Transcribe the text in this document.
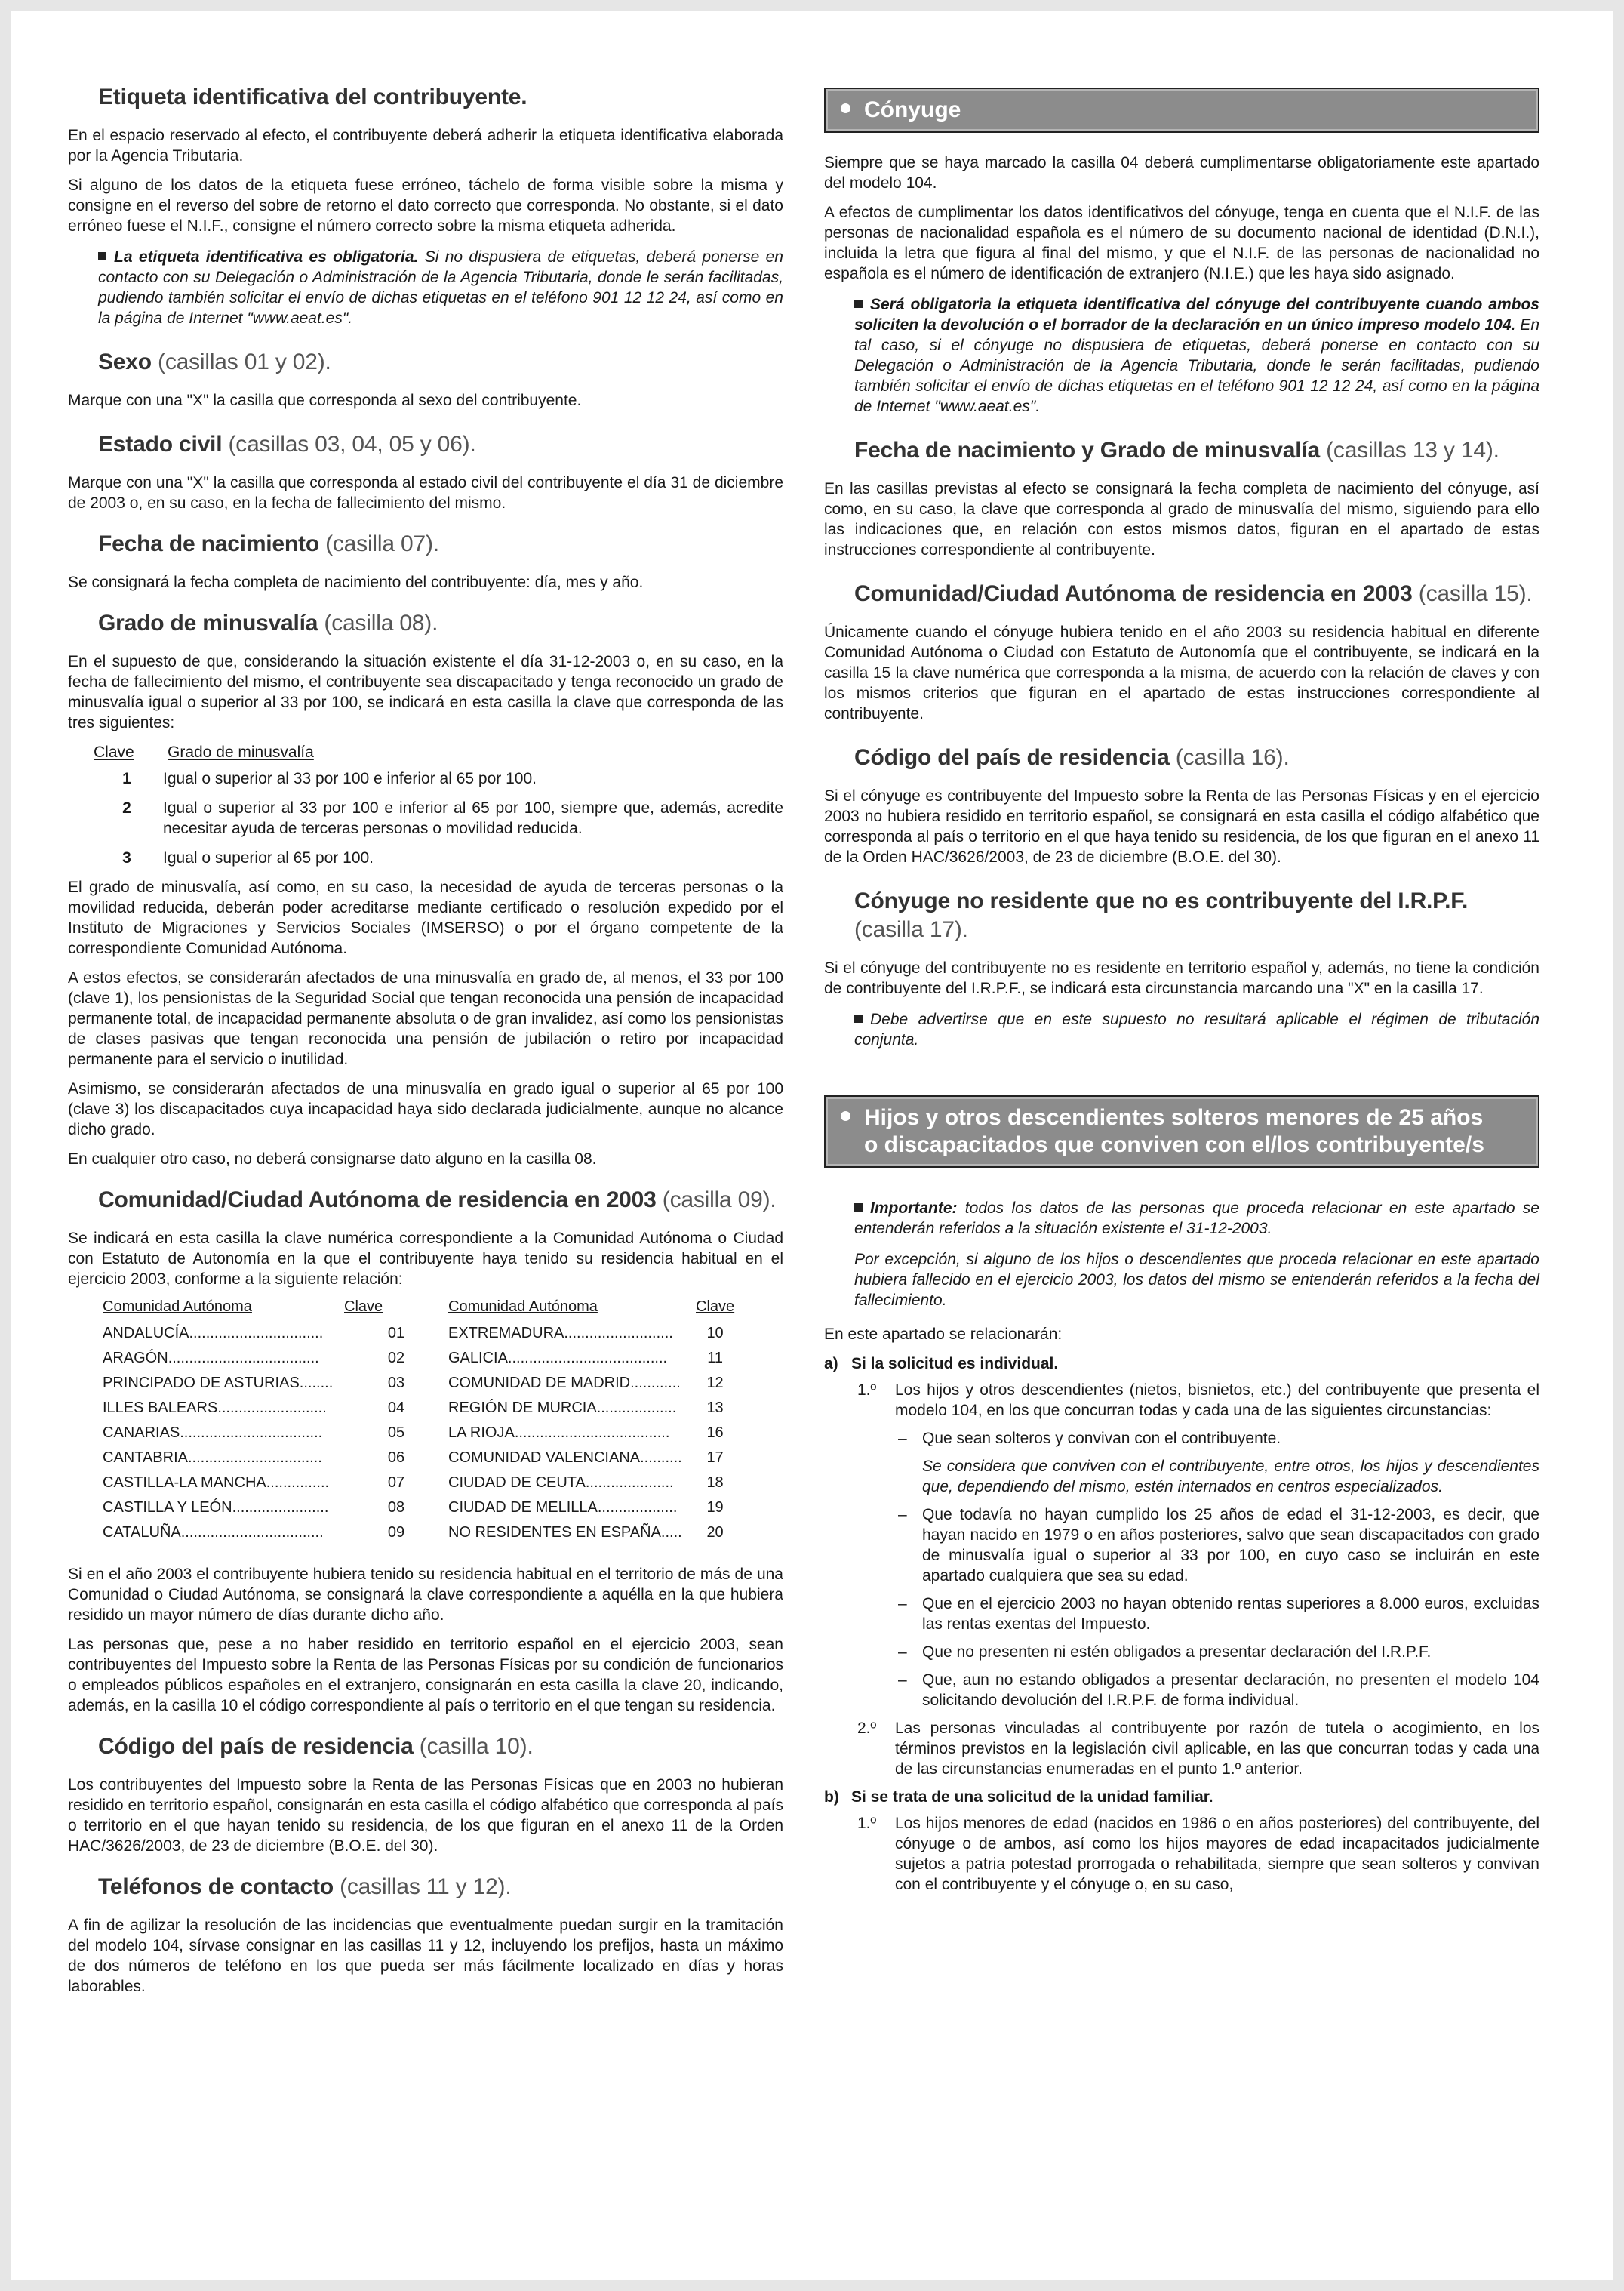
Etiqueta identificativa del contribuyente.

En el espacio reservado al efecto, el contribuyente deberá adherir la etiqueta identificativa elaborada por la Agencia Tributaria.

Si alguno de los datos de la etiqueta fuese erróneo, táchelo de forma visible sobre la misma y consigne en el reverso del sobre de retorno el dato correcto que corresponda. No obstante, si el dato erróneo fuese el N.I.F., consigne el número correcto sobre la misma etiqueta adherida.

La etiqueta identificativa es obligatoria. Si no dispusiera de etiquetas, deberá ponerse en contacto con su Delegación o Administración de la Agencia Tributaria, donde le serán facilitadas, pudiendo también solicitar el envío de dichas etiquetas en el teléfono 901 12 12 24, así como en la página de Internet "www.aeat.es".
Sexo (casillas 01 y 02).

Marque con una "X" la casilla que corresponda al sexo del contribuyente.

Estado civil (casillas 03, 04, 05 y 06).

Marque con una "X" la casilla que corresponda al estado civil del contribuyente el día 31 de diciembre de 2003 o, en su caso, en la fecha de fallecimiento del mismo.

Fecha de nacimiento (casilla 07).

Se consignará la fecha completa de nacimiento del contribuyente: día, mes y año.

Grado de minusvalía (casilla 08).

En el supuesto de que, considerando la situación existente el día 31-12-2003 o, en su caso, en la fecha de fallecimiento del mismo, el contribuyente sea discapacitado y tenga reconocido un grado de minusvalía igual o superior al 33 por 100, se indicará en esta casilla la clave que corresponda de las tres siguientes:

Clave	Grado de minusvalía
1	Igual o superior al 33 por 100 e inferior al 65 por 100.
2	Igual o superior al 33 por 100 e inferior al 65 por 100, siempre que, además, acredite necesitar ayuda de terceras personas o movilidad reducida.
3	Igual o superior al 65 por 100.

El grado de minusvalía, así como, en su caso, la necesidad de ayuda de terceras personas o la movilidad reducida, deberán poder acreditarse mediante certificado o resolución expedido por el Instituto de Migraciones y Servicios Sociales (IMSERSO) o por el órgano competente de la correspondiente Comunidad Autónoma.

A estos efectos, se considerarán afectados de una minusvalía en grado de, al menos, el 33 por 100 (clave 1), los pensionistas de la Seguridad Social que tengan reconocida una pensión de incapacidad permanente total, de incapacidad permanente absoluta o de gran invalidez, así como los pensionistas de clases pasivas que tengan reconocida una pensión de jubilación o retiro por incapacidad permanente para el servicio o inutilidad.

Asimismo, se considerarán afectados de una minusvalía en grado igual o superior al 65 por 100 (clave 3) los discapacitados cuya incapacidad haya sido declarada judicialmente, aunque no alcance dicho grado.

En cualquier otro caso, no deberá consignarse dato alguno en la casilla 08.

Comunidad/Ciudad Autónoma de residencia en 2003 (casilla 09).

Se indicará en esta casilla la clave numérica correspondiente a la Comunidad Autónoma o Ciudad con Estatuto de Autonomía en la que el contribuyente haya tenido su residencia habitual en el ejercicio 2003, conforme a la siguiente relación:

Comunidad Autónoma	Clave	Comunidad Autónoma	Clave
ANDALUCÍA................................	01	EXTREMADURA..........................	10
ARAGÓN....................................	02	GALICIA......................................	11
PRINCIPADO DE ASTURIAS........	03	COMUNIDAD DE MADRID............	12
ILLES BALEARS..........................	04	REGIÓN DE MURCIA...................	13
CANARIAS..................................	05	LA RIOJA.....................................	16
CANTABRIA................................	06	COMUNIDAD VALENCIANA..........	17
CASTILLA-LA MANCHA...............	07	CIUDAD DE CEUTA.....................	18
CASTILLA Y LEÓN.......................	08	CIUDAD DE MELILLA...................	19
CATALUÑA..................................	09	NO RESIDENTES EN ESPAÑA.....	20

Si en el año 2003 el contribuyente hubiera tenido su residencia habitual en el territorio de más de una Comunidad o Ciudad Autónoma, se consignará la clave correspondiente a aquélla en la que hubiera residido un mayor número de días durante dicho año.

Las personas que, pese a no haber residido en territorio español en el ejercicio 2003, sean contribuyentes del Impuesto sobre la Renta de las Personas Físicas por su condición de funcionarios o empleados públicos españoles en el extranjero, consignarán en esta casilla la clave 20, indicando, además, en la casilla 10 el código correspondiente al país o territorio en el que tengan su residencia.

Código del país de residencia (casilla 10).

Los contribuyentes del Impuesto sobre la Renta de las Personas Físicas que en 2003 no hubieran residido en territorio español, consignarán en esta casilla el código alfabético que corresponda al país o territorio en el que hayan tenido su residencia, de los que figuran en el anexo 11 de la Orden HAC/3626/2003, de 23 de diciembre (B.O.E. del 30).

Teléfonos de contacto (casillas 11 y 12).

A fin de agilizar la resolución de las incidencias que eventualmente puedan surgir en la tramitación del modelo 104, sírvase consignar en las casillas 11 y 12, incluyendo los prefijos, hasta un máximo de dos números de teléfono en los que pueda ser más fácilmente localizado en días y horas laborables.

Cónyuge

Siempre que se haya marcado la casilla 04 deberá cumplimentarse obligatoriamente este apartado del modelo 104.

A efectos de cumplimentar los datos identificativos del cónyuge, tenga en cuenta que el N.I.F. de las personas de nacionalidad española es el número de su documento nacional de identidad (D.N.I.), incluida la letra que figura al final del mismo, y que el N.I.F. de las personas de nacionalidad no española es el número de identificación de extranjero (N.I.E.) que les haya sido asignado.

Será obligatoria la etiqueta identificativa del cónyuge del contribuyente cuando ambos soliciten la devolución o el borrador de la declaración en un único impreso modelo 104. En tal caso, si el cónyuge no dispusiera de etiquetas, deberá ponerse en contacto con su Delegación o Administración de la Agencia Tributaria, donde le serán facilitadas, pudiendo también solicitar el envío de dichas etiquetas en el teléfono 901 12 12 24, así como en la página de Internet "www.aeat.es".
Fecha de nacimiento y Grado de minusvalía (casillas 13 y 14).

En las casillas previstas al efecto se consignará la fecha completa de nacimiento del cónyuge, así como, en su caso, la clave que corresponda al grado de minusvalía del mismo, siguiendo para ello las indicaciones que, en relación con estos mismos datos, figuran en el apartado de estas instrucciones correspondiente al contribuyente.

Comunidad/Ciudad Autónoma de residencia en 2003 (casilla 15).

Únicamente cuando el cónyuge hubiera tenido en el año 2003 su residencia habitual en diferente Comunidad Autónoma o Ciudad con Estatuto de Autonomía que el contribuyente, se indicará en la casilla 15 la clave numérica que corresponda a la misma, de acuerdo con la relación de claves y con los mismos criterios que figuran en el apartado de estas instrucciones correspondiente al contribuyente.

Código del país de residencia (casilla 16).

Si el cónyuge es contribuyente del Impuesto sobre la Renta de las Personas Físicas y en el ejercicio 2003 no hubiera residido en territorio español, se consignará en esta casilla el código alfabético que corresponda al país o territorio en el que haya tenido su residencia, de los que figuran en el anexo 11 de la Orden HAC/3626/2003, de 23 de diciembre (B.O.E. del 30).

Cónyuge no residente que no es contribuyente del I.R.P.F.
(casilla 17).

Si el cónyuge del contribuyente no es residente en territorio español y, además, no tiene la condición de contribuyente del I.R.P.F., se indicará esta circunstancia marcando una "X" en la casilla 17.

Debe advertirse que en este supuesto no resultará aplicable el régimen de tributación conjunta.
Hijos y otros descendientes solteros menores de 25 años
o discapacitados que conviven con el/los contribuyente/s
Importante: todos los datos de las personas que proceda relacionar en este apartado se entenderán referidos a la situación existente el 31-12-2003.
Por excepción, si alguno de los hijos o descendientes que proceda relacionar en este apartado hubiera fallecido en el ejercicio 2003, los datos del mismo se entenderán referidos a la fecha del fallecimiento.

En este apartado se relacionarán:

a) Si la solicitud es individual.
1.º	Los hijos y otros descendientes (nietos, bisnietos, etc.) del contribuyente que presenta el modelo 104, en los que concurran todas y cada una de las siguientes circunstancias:
– Que sean solteros y convivan con el contribuyente.
Se considera que conviven con el contribuyente, entre otros, los hijos y descendientes que, dependiendo del mismo, estén internados en centros especializados.
– Que todavía no hayan cumplido los 25 años de edad el 31-12-2003, es decir, que hayan nacido en 1979 o en años posteriores, salvo que sean discapacitados con grado de minusvalía igual o superior al 33 por 100, en cuyo caso se incluirán en este apartado cualquiera que sea su edad.
– Que en el ejercicio 2003 no hayan obtenido rentas superiores a 8.000 euros, excluidas las rentas exentas del Impuesto.
– Que no presenten ni estén obligados a presentar declaración del I.R.P.F.
– Que, aun no estando obligados a presentar declaración, no presenten el modelo 104 solicitando devolución del I.R.P.F. de forma individual.
2.º	Las personas vinculadas al contribuyente por razón de tutela o acogimiento, en los términos previstos en la legislación civil aplicable, en las que concurran todas y cada una de las circunstancias enumeradas en el punto 1.º anterior.
b) Si se trata de una solicitud de la unidad familiar.
1.º	Los hijos menores de edad (nacidos en 1986 o en años posteriores) del contribuyente, del cónyuge o de ambos, así como los hijos mayores de edad incapacitados judicialmente sujetos a patria potestad prorrogada o rehabilitada, siempre que sean solteros y convivan con el contribuyente y el cónyuge o, en su caso,
